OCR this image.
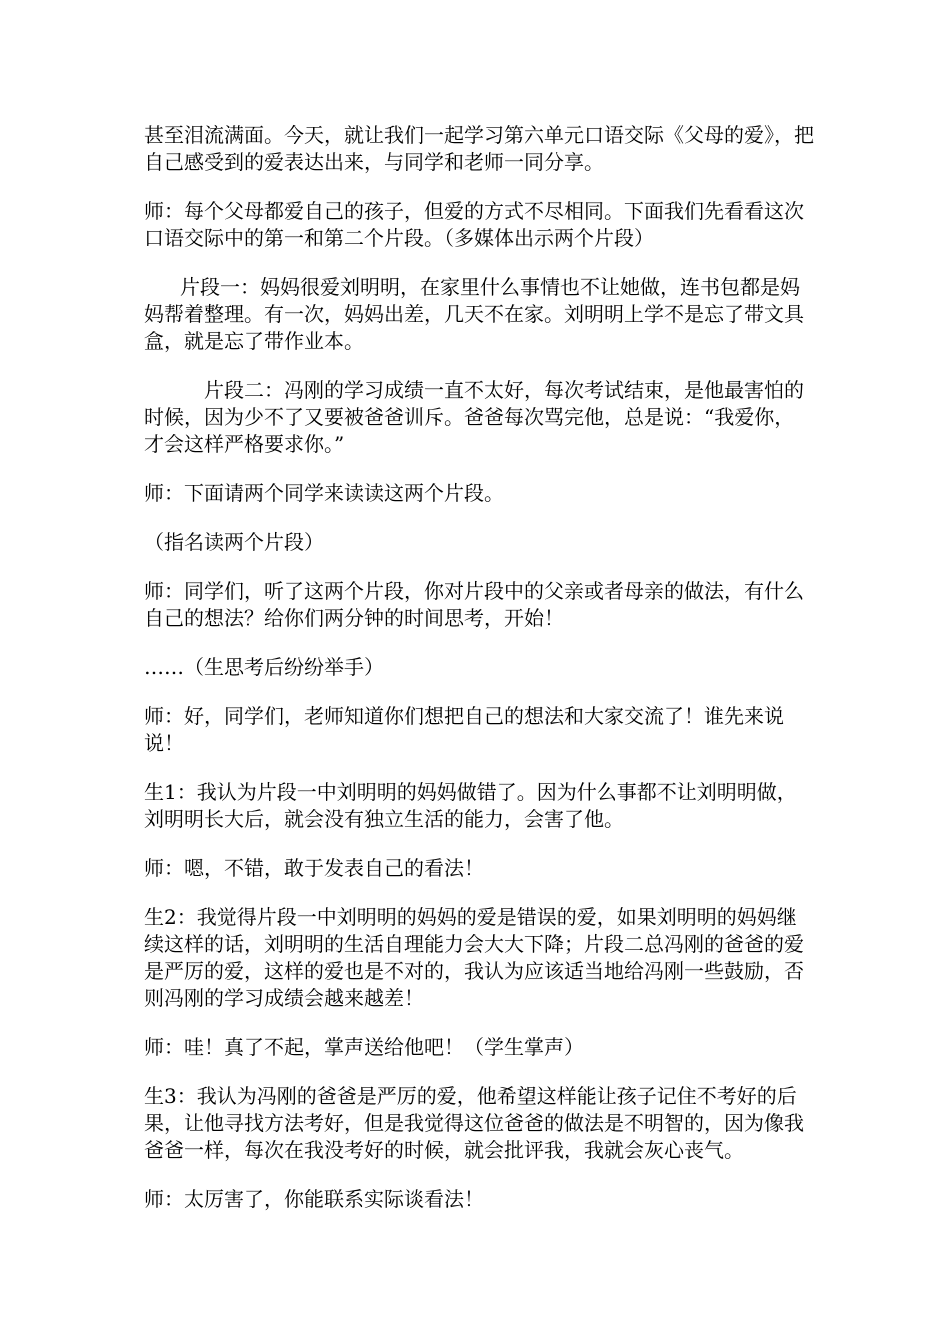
甚至泪流满面。今天，就让我们一起学习第六单元口语交际《父母的爱》，把自己感受到的爱表达出来，与同学和老师一同分享。

师：每个父母都爱自己的孩子，但爱的方式不尽相同。下面我们先看看这次口语交际中的第一和第二个片段。（多媒体出示两个片段）

片段一：妈妈很爱刘明明，在家里什么事情也不让她做，连书包都是妈妈帮着整理。有一次，妈妈出差，几天不在家。刘明明上学不是忘了带文具盒，就是忘了带作业本。

片段二：冯刚的学习成绩一直不太好，每次考试结束，是他最害怕的时候，因为少不了又要被爸爸训斥。爸爸每次骂完他，总是说：“我爱你，才会这样严格要求你。”

师：下面请两个同学来读读这两个片段。

（指名读两个片段）

师：同学们，听了这两个片段，你对片段中的父亲或者母亲的做法，有什么自己的想法？给你们两分钟的时间思考，开始！

……（生思考后纷纷举手）

师：好，同学们，老师知道你们想把自己的想法和大家交流了！谁先来说说！

生1：我认为片段一中刘明明的妈妈做错了。因为什么事都不让刘明明做，刘明明长大后，就会没有独立生活的能力，会害了他。

师：嗯，不错，敢于发表自己的看法！

生2：我觉得片段一中刘明明的妈妈的爱是错误的爱，如果刘明明的妈妈继续这样的话，刘明明的生活自理能力会大大下降；片段二总冯刚的爸爸的爱是严厉的爱，这样的爱也是不对的，我认为应该适当地给冯刚一些鼓励，否则冯刚的学习成绩会越来越差！

师：哇！真了不起，掌声送给他吧！（学生掌声）

生3：我认为冯刚的爸爸是严厉的爱，他希望这样能让孩子记住不考好的后果，让他寻找方法考好，但是我觉得这位爸爸的做法是不明智的，因为像我爸爸一样，每次在我没考好的时候，就会批评我，我就会灰心丧气。

师：太厉害了，你能联系实际谈看法！
